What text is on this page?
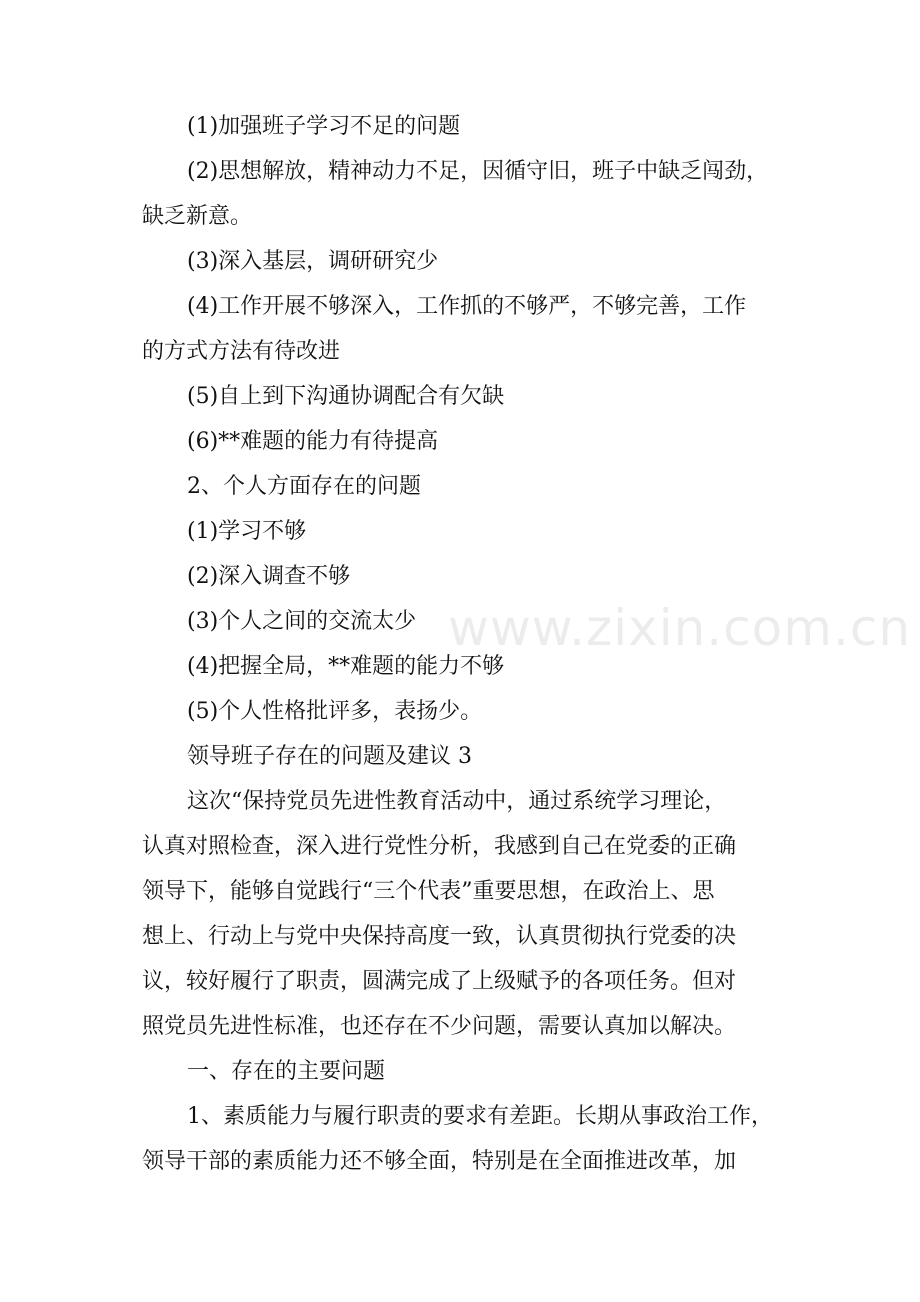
(1)加强班子学习不足的问题
(2)思想解放，精神动力不足，因循守旧，班子中缺乏闯劲，
缺乏新意。
(3)深入基层，调研研究少
(4)工作开展不够深入，工作抓的不够严，不够完善，工作
的方式方法有待改进
(5)自上到下沟通协调配合有欠缺
(6)**难题的能力有待提高
2、个人方面存在的问题
(1)学习不够
(2)深入调查不够
(3)个人之间的交流太少
(4)把握全局，**难题的能力不够
(5)个人性格批评多，表扬少。
领导班子存在的问题及建议 3
这次“保持党员先进性教育活动中，通过系统学习理论，
认真对照检查，深入进行党性分析，我感到自己在党委的正确
领导下，能够自觉践行“三个代表”重要思想，在政治上、思
想上、行动上与党中央保持高度一致，认真贯彻执行党委的决
议，较好履行了职责，圆满完成了上级赋予的各项任务。但对
照党员先进性标准，也还存在不少问题，需要认真加以解决。
一、存在的主要问题
1、素质能力与履行职责的要求有差距。长期从事政治工作，
领导干部的素质能力还不够全面，特别是在全面推进改革，加
www.zixin.com.cn
